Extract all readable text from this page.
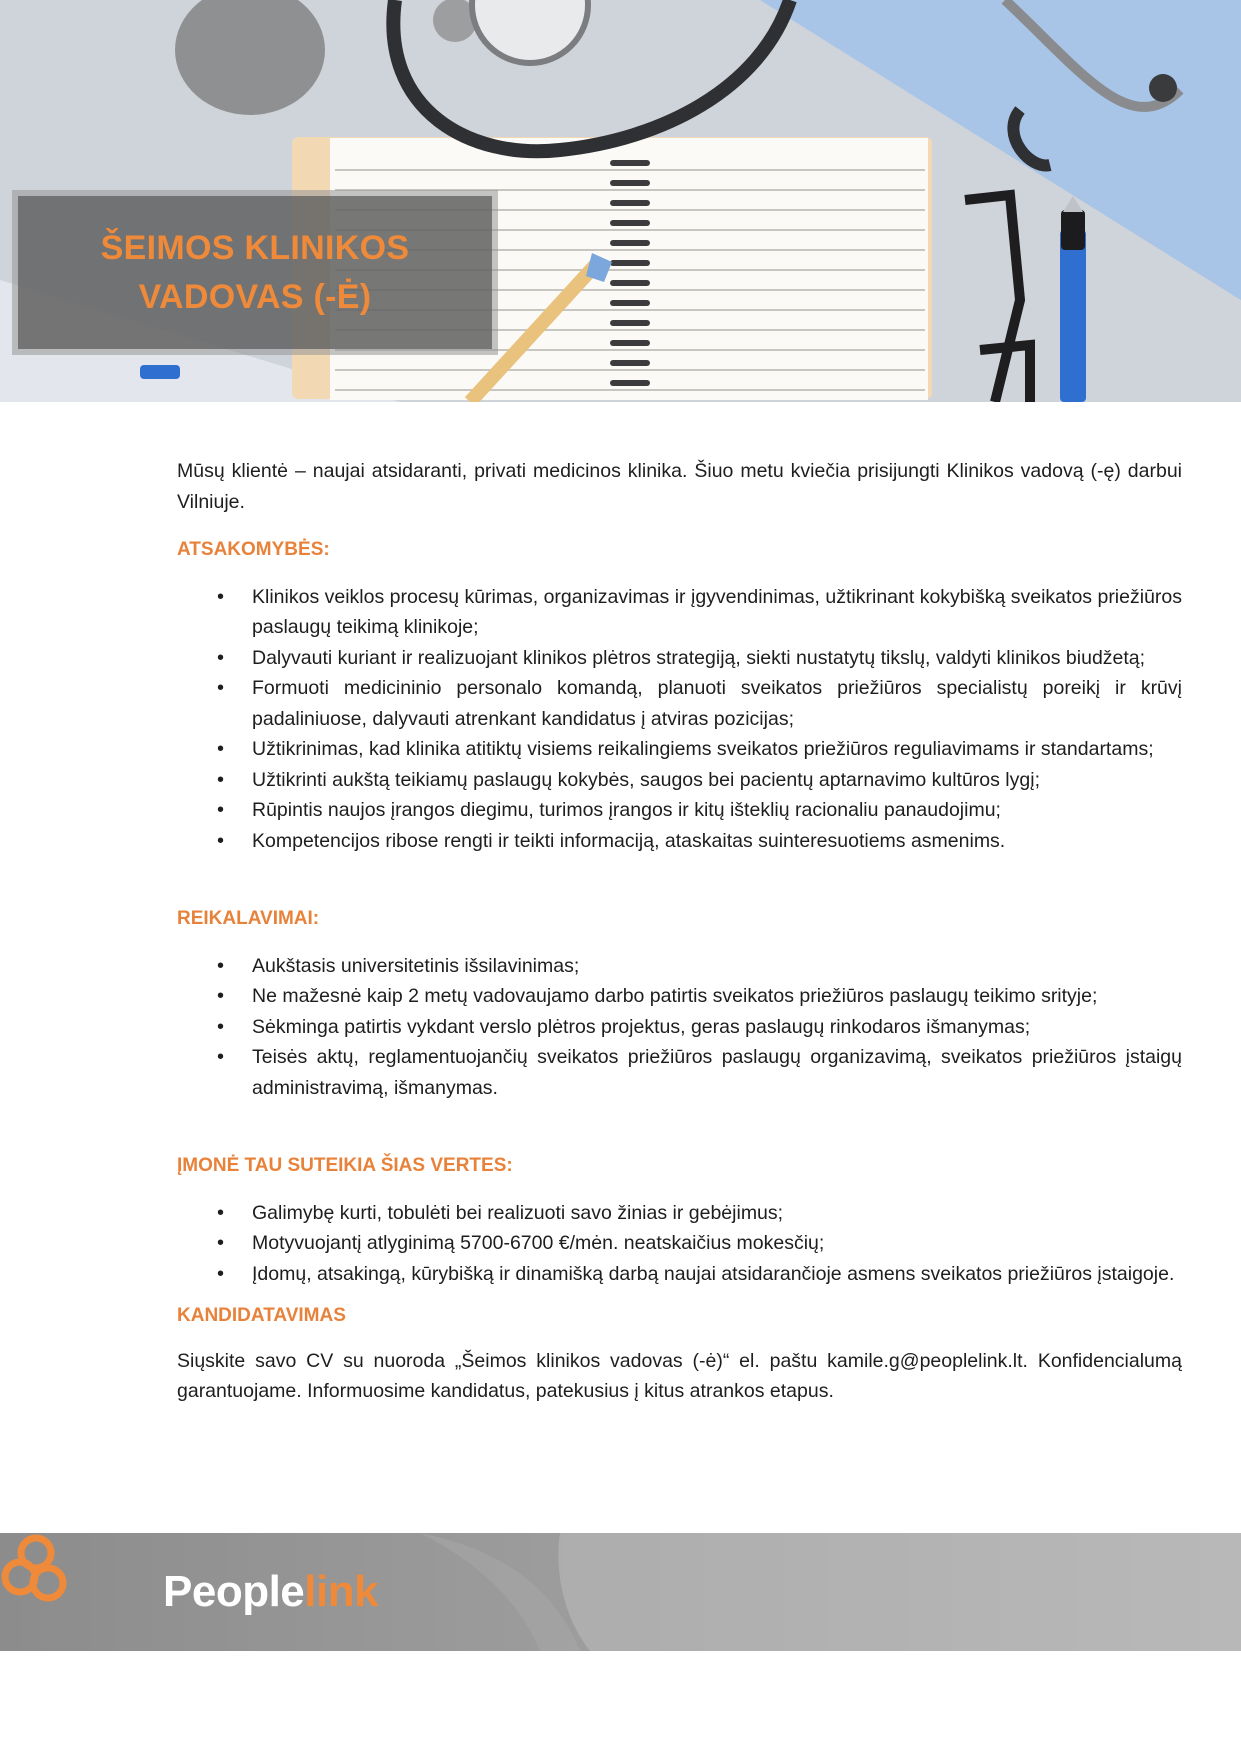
ŠEIMOS KLINIKOS
VADOVAS (-Ė)

Mūsų klientė – naujai atsidaranti, privati medicinos klinika. Šiuo metu kviečia prisijungti Klinikos vadovą (-ę) darbui Vilniuje.

ATSAKOMYBĖS:

• Klinikos veiklos procesų kūrimas, organizavimas ir įgyvendinimas, užtikrinant kokybišką sveikatos priežiūros paslaugų teikimą klinikoje;
• Dalyvauti kuriant ir realizuojant klinikos plėtros strategiją, siekti nustatytų tikslų, valdyti klinikos biudžetą;
• Formuoti medicininio personalo komandą, planuoti sveikatos priežiūros specialistų poreikį ir krūvį padaliniuose, dalyvauti atrenkant kandidatus į atviras pozicijas;
• Užtikrinimas, kad klinika atitiktų visiems reikalingiems sveikatos priežiūros reguliavimams ir standartams;
• Užtikrinti aukštą teikiamų paslaugų kokybės, saugos bei pacientų aptarnavimo kultūros lygį;
• Rūpintis naujos įrangos diegimu, turimos įrangos ir kitų išteklių racionaliu panaudojimu;
• Kompetencijos ribose rengti ir teikti informaciją, ataskaitas suinteresuotiems asmenims.

REIKALAVIMAI:

• Aukštasis universitetinis išsilavinimas;
• Ne mažesnė kaip 2 metų vadovaujamo darbo patirtis sveikatos priežiūros paslaugų teikimo srityje;
• Sėkminga patirtis vykdant verslo plėtros projektus, geras paslaugų rinkodaros išmanymas;
• Teisės aktų, reglamentuojančių sveikatos priežiūros paslaugų organizavimą, sveikatos priežiūros įstaigų administravimą, išmanymas.

ĮMONĖ TAU SUTEIKIA ŠIAS VERTES:

• Galimybę kurti, tobulėti bei realizuoti savo žinias ir gebėjimus;
• Motyvuojantį atlyginimą 5700-6700 €/mėn. neatskaičius mokesčių;
• Įdomų, atsakingą, kūrybišką ir dinamišką darbą naujai atsidarančioje asmens sveikatos priežiūros įstaigoje.

KANDIDATAVIMAS

Siųskite savo CV su nuoroda „Šeimos klinikos vadovas (-ė)“ el. paštu kamile.g@peoplelink.lt. Konfidencialumą garantuojame. Informuosime kandidatus, patekusius į kitus atrankos etapus.

Peoplelink
